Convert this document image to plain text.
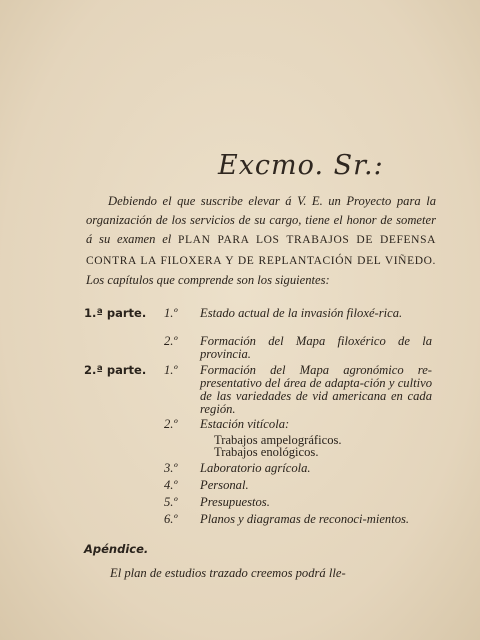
Excmo. Sr.:
Debiendo el que suscribe elevar á V. E. un Proyecto para la organización de los servicios de su cargo, tiene el honor de someter á su examen el PLAN PARA LOS TRABAJOS DE DEFENSA CONTRA LA FILOXERA Y DE REPLANTACIÓN DEL VIÑEDO. Los capítulos que comprende son los siguientes:
1.ª parte. 1.º Estado actual de la invasión filoxé-rica.
2.º Formación del Mapa filoxérico de la provincia.
2.ª parte. 1.º Formación del Mapa agronómico re-presentativo del área de adapta-ción y cultivo de las variedades de vid americana en cada región.
2.º Estación vitícola:
Trabajos ampelográficos.
Trabajos enológicos.
3.º Laboratorio agrícola.
4.º Personal.
5.º Presupuestos.
6.º Planos y diagramas de reconoci-mientos.
Apéndice.
El plan de estudios trazado creemos podrá lle-
